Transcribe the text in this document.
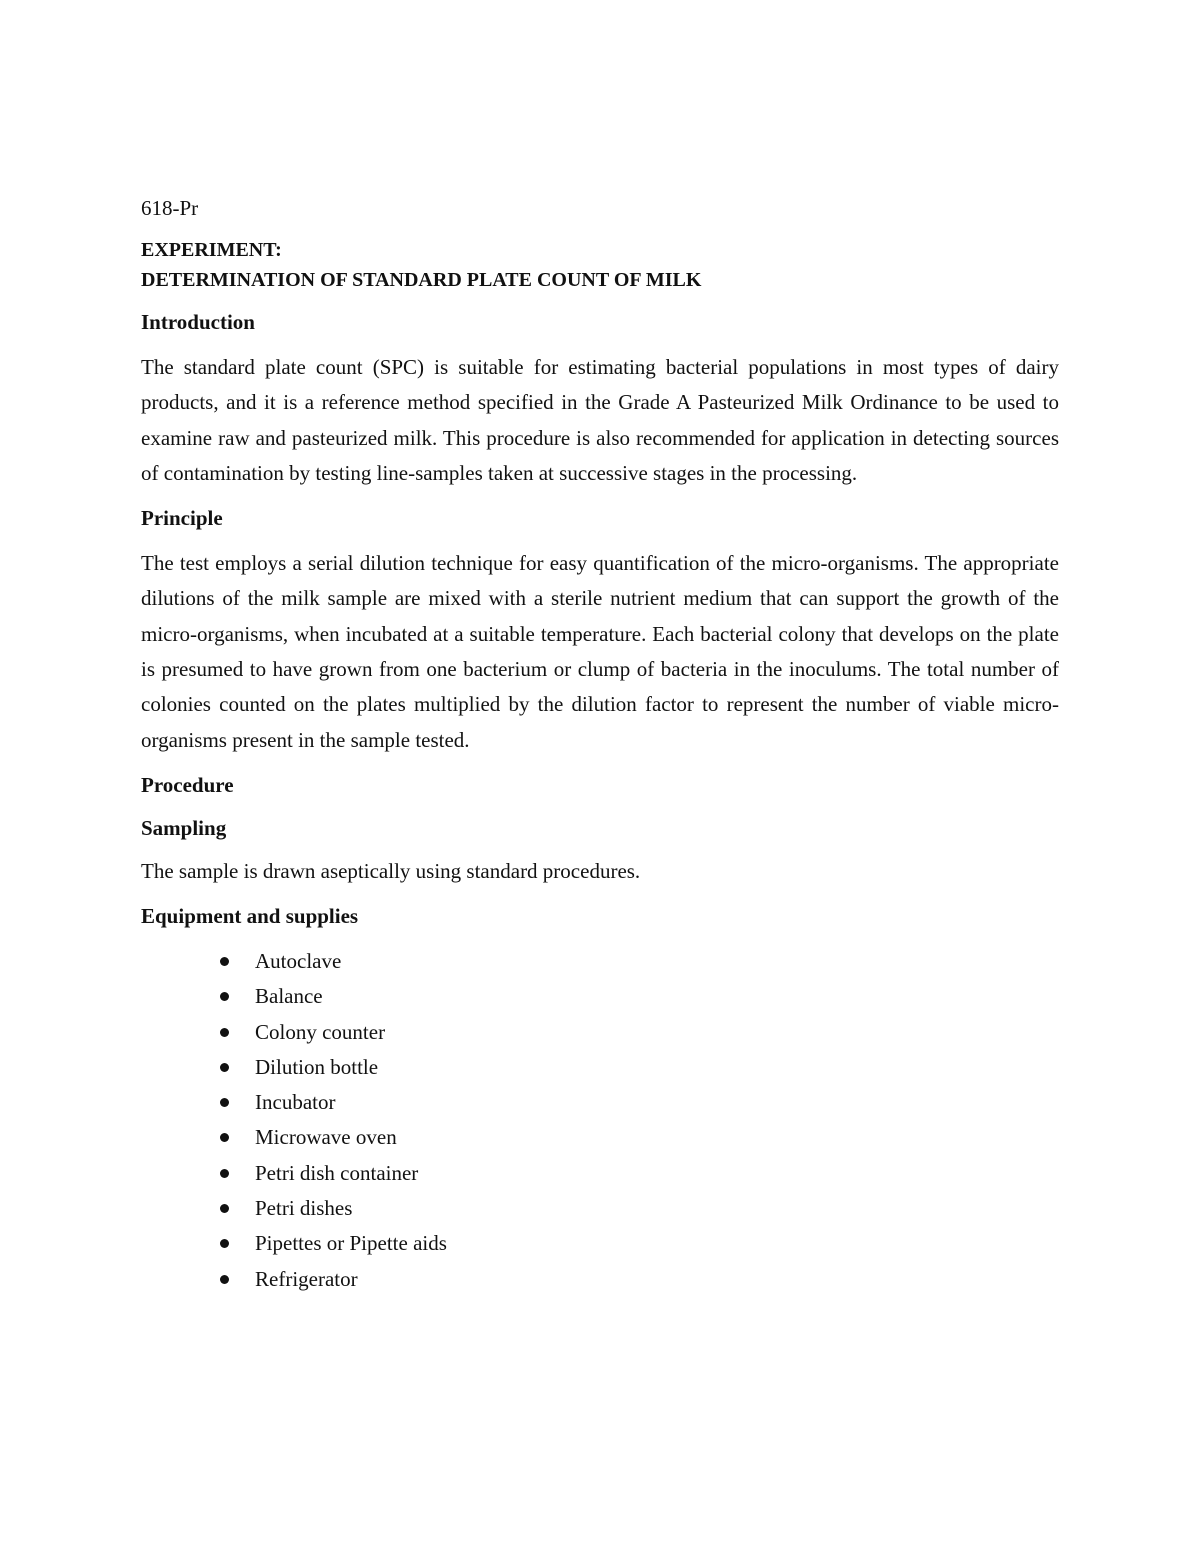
618-Pr
EXPERIMENT:
DETERMINATION OF STANDARD PLATE COUNT OF MILK
Introduction

The standard plate count (SPC) is suitable for estimating bacterial populations in most types of dairy products, and it is a reference method specified in the Grade A Pasteurized Milk Ordinance to be used to examine raw and pasteurized milk. This procedure is also recommended for application in detecting sources of contamination by testing line-samples taken at successive stages in the processing.

Principle

The test employs a serial dilution technique for easy quantification of the micro-organisms. The appropriate dilutions of the milk sample are mixed with a sterile nutrient medium that can support the growth of the micro-organisms, when incubated at a suitable temperature. Each bacterial colony that develops on the plate is presumed to have grown from one bacterium or clump of bacteria in the inoculums. The total number of colonies counted on the plates multiplied by the dilution factor to represent the number of viable micro-organisms present in the sample tested.

Procedure
Sampling

The sample is drawn aseptically using standard procedures.

Equipment and supplies
Autoclave
Balance
Colony counter
Dilution bottle
Incubator
Microwave oven
Petri dish container
Petri dishes
Pipettes or Pipette aids
Refrigerator
